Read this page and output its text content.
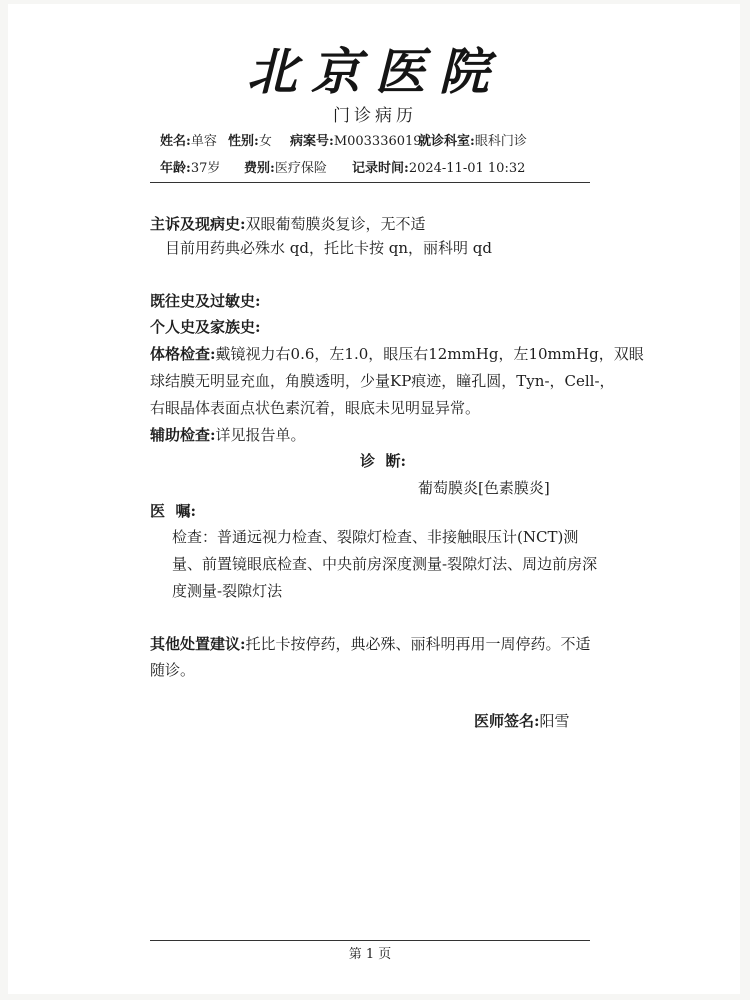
北京医院
门诊病历
姓名:单容 性别:女 病案号:M003336019
就诊科室:眼科门诊
年龄:37岁 费别:医疗保险 记录时间:2024-11-01 10:32
主诉及现病史:双眼葡萄膜炎复诊，无不适
目前用药典必殊水 qd，托比卡按 qn，丽科明 qd
既往史及过敏史:
个人史及家族史:
体格检查:戴镜视力右0.6，左1.0，眼压右12mmHg，左10mmHg，双眼
球结膜无明显充血，角膜透明，少量KP痕迹，瞳孔圆，Tyn-，Cell-，
右眼晶体表面点状色素沉着，眼底未见明显异常。
辅助检查:详见报告单。
诊  断:
葡萄膜炎[色素膜炎]
医  嘱:
检查：普通远视力检查、裂隙灯检查、非接触眼压计(NCT)测
量、前置镜眼底检查、中央前房深度测量-裂隙灯法、周边前房深
度测量-裂隙灯法
其他处置建议:托比卡按停药，典必殊、丽科明再用一周停药。不适
随诊。
医师签名:阳雪
第 1 页
